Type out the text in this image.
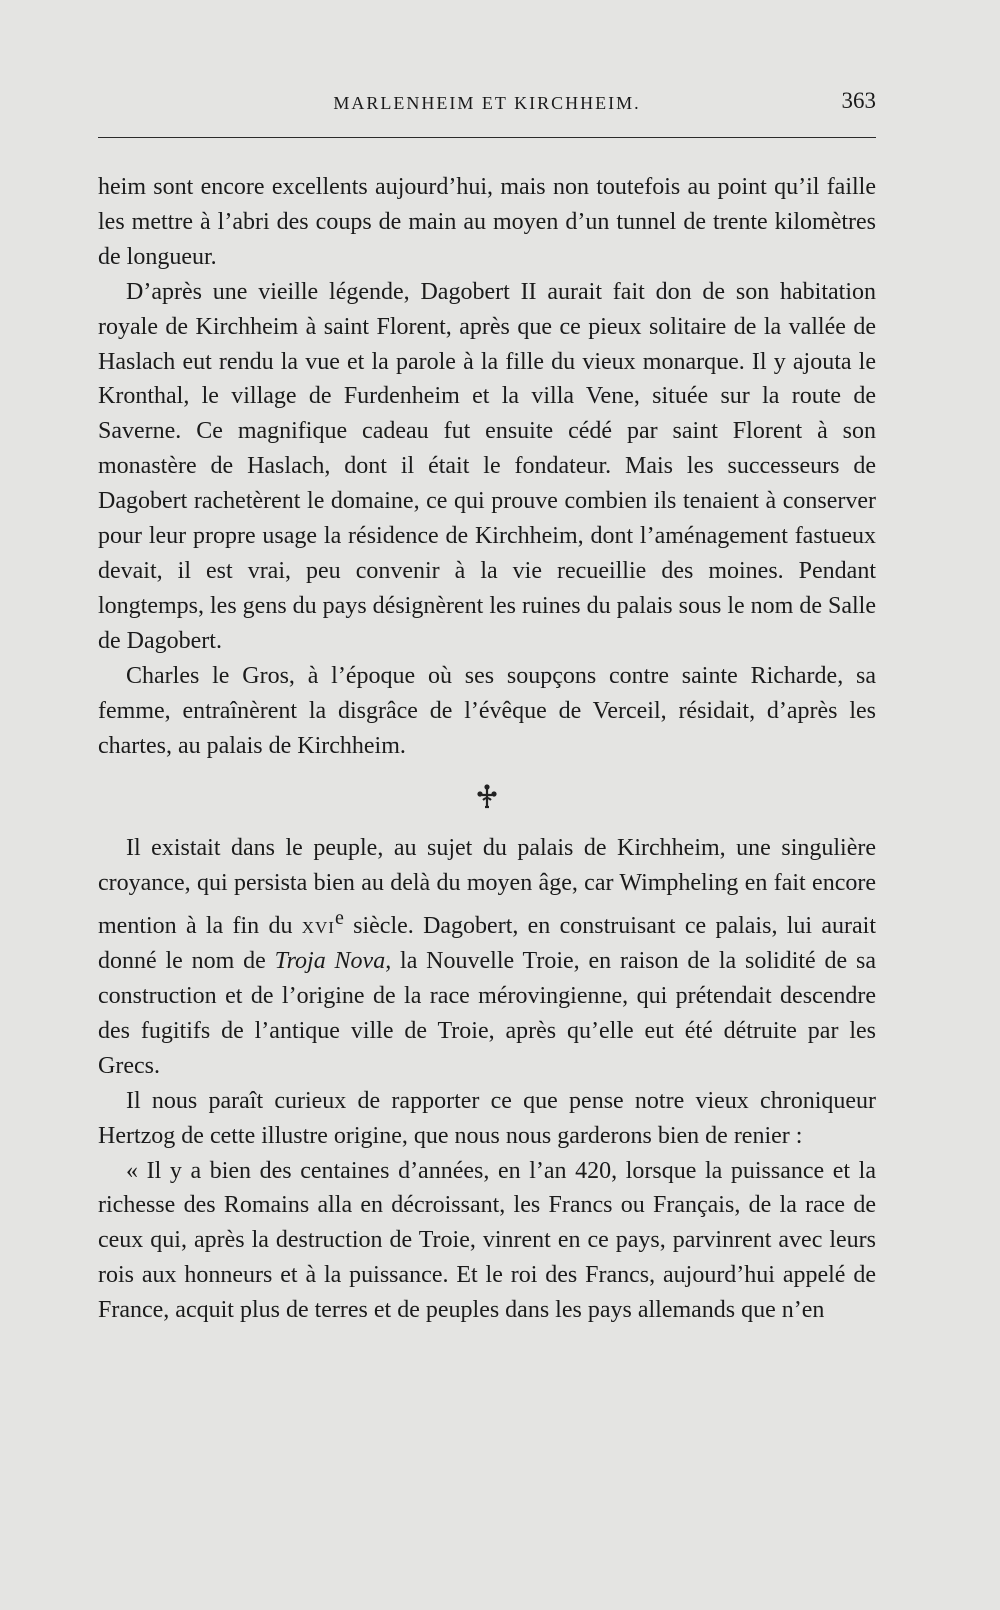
MARLENHEIM ET KIRCHHEIM.	363

heim sont encore excellents aujourd’hui, mais non toutefois au point qu’il faille les mettre à l’abri des coups de main au moyen d’un tunnel de trente kilomètres de longueur.

D’après une vieille légende, Dagobert II aurait fait don de son habitation royale de Kirchheim à saint Florent, après que ce pieux solitaire de la vallée de Haslach eut rendu la vue et la parole à la fille du vieux monarque. Il y ajouta le Kronthal, le village de Furdenheim et la villa Vene, située sur la route de Saverne. Ce magnifique cadeau fut ensuite cédé par saint Florent à son monastère de Haslach, dont il était le fondateur. Mais les successeurs de Dagobert rachetèrent le domaine, ce qui prouve combien ils tenaient à conserver pour leur propre usage la résidence de Kirchheim, dont l’aménagement fastueux devait, il est vrai, peu convenir à la vie recueillie des moines. Pendant longtemps, les gens du pays désignèrent les ruines du palais sous le nom de Salle de Dagobert.

Charles le Gros, à l’époque où ses soupçons contre sainte Richarde, sa femme, entraînèrent la disgrâce de l’évêque de Verceil, résidait, d’après les chartes, au palais de Kirchheim.

Il existait dans le peuple, au sujet du palais de Kirchheim, une singulière croyance, qui persista bien au delà du moyen âge, car Wimpheling en fait encore mention à la fin du xvi$^e$ siècle. Dagobert, en construisant ce palais, lui aurait donné le nom de Troja Nova, la Nouvelle Troie, en raison de la solidité de sa construction et de l’origine de la race mérovingienne, qui prétendait descendre des fugitifs de l’antique ville de Troie, après qu’elle eut été détruite par les Grecs.

Il nous paraît curieux de rapporter ce que pense notre vieux chroniqueur Hertzog de cette illustre origine, que nous nous garderons bien de renier :

« Il y a bien des centaines d’années, en l’an 420, lorsque la puissance et la richesse des Romains alla en décroissant, les Francs ou Français, de la race de ceux qui, après la destruction de Troie, vinrent en ce pays, parvinrent avec leurs rois aux honneurs et à la puissance. Et le roi des Francs, aujourd’hui appelé de France, acquit plus de terres et de peuples dans les pays allemands que n’en
